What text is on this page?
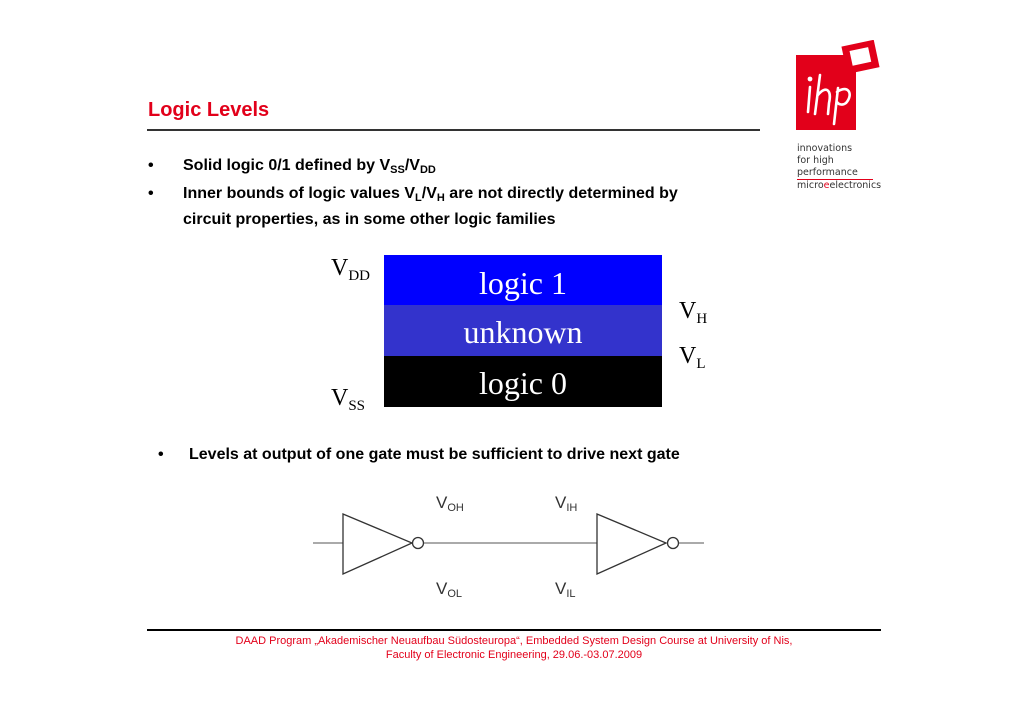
Logic Levels
• Solid logic 0/1 defined by $V_{SS}/V_{DD}$
• Inner bounds of logic values $V_L/V_H$ are not directly determined by
circuit properties, as in some other logic families
logic 1
unknown
logic 0
$V_{DD}$
$V_{SS}$
$V_H$
$V_L$
• Levels at output of one gate must be sufficient to drive next gate
$V_{OH}$	$V_{IH}$
$V_{OL}$	$V_{IL}$
innovations
for high
performance
microeelectronics
DAAD Program „Akademischer Neuaufbau Südosteuropa“, Embedded System Design Course at University of Nis,
Faculty of Electronic Engineering, 29.06.-03.07.2009
